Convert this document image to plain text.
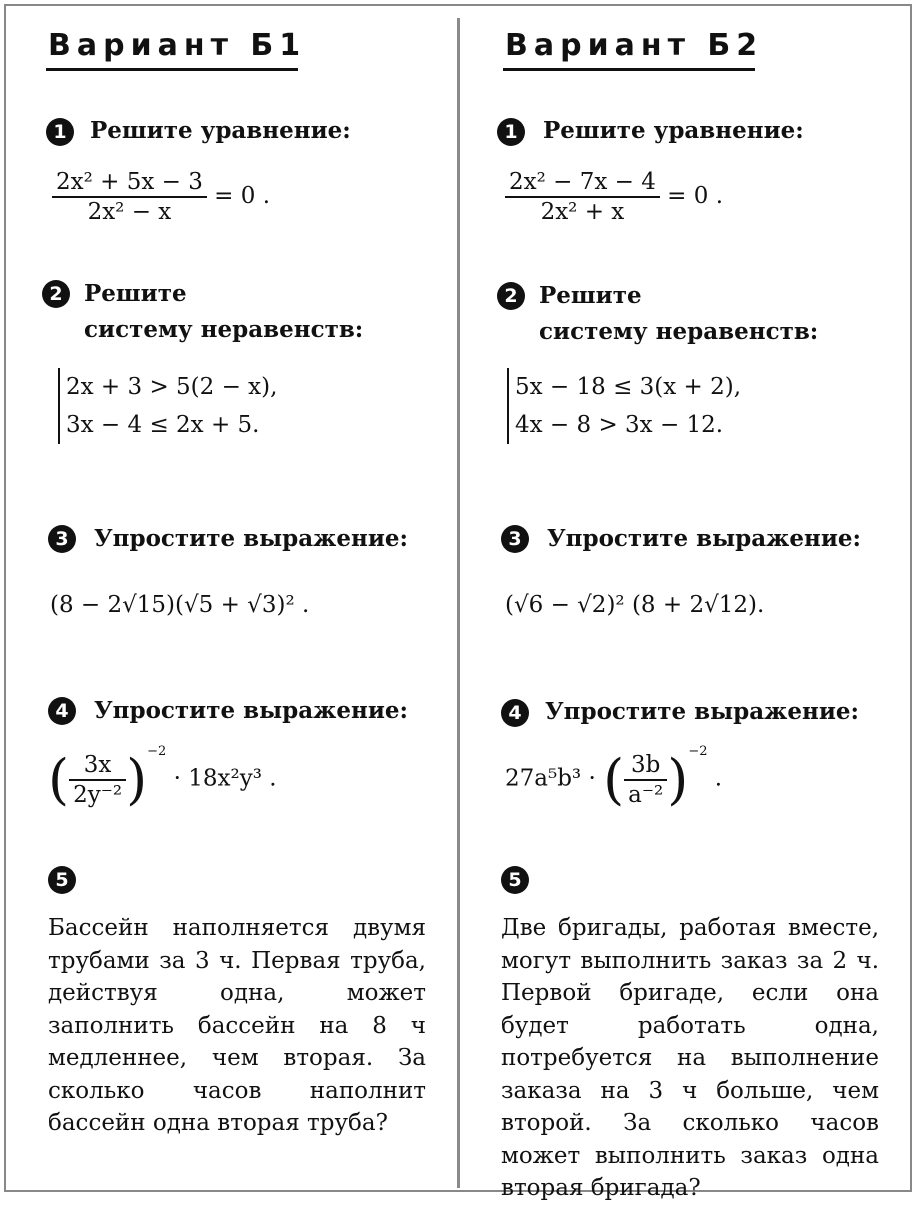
Вариант Б1
1	Решите уравнение:
$\frac{\text{2x² + 5x − 3}}{\text{2x² − x}} = 0$ .
2 Решите
систему неравенств:
2x + 3 > 5(2 − x),
3x − 4 ≤ 2x + 5.
3	Упростите выражение:
(8 − 2√15)(√5 + √3)² .
4	Упростите выражение:
( $\frac{3x}{\text{2y⁻²}} )^{-2} \cdot 18x^2y^3$ .
5
Бассейн наполняется двумя трубами за 3 ч. Первая труба, действуя одна, может заполнить бассейн на 8 ч медленнее, чем вторая. За сколько часов наполнит бассейн одна вторая труба?
Вариант Б2
1	Решите уравнение:
$\frac{\text{2x² − 7x − 4}}{\text{2x² + x}} = 0$ .
2 Решите
систему неравенств:
5x − 18 ≤ 3(x + 2),
4x − 8 > 3x − 12.
3	Упростите выражение:
(√6 − √2)² (8 + 2√12).
4	Упростите выражение:
27a⁵b³ · ( $\frac{3b}{\text{a⁻²}} )^{-2}$ .
5
Две бригады, работая вместе, могут выполнить заказ за 2 ч. Первой бригаде, если она будет работать одна, потребуется на выполнение заказа на 3 ч больше, чем второй. За сколько часов может выполнить заказ одна вторая бригада?
